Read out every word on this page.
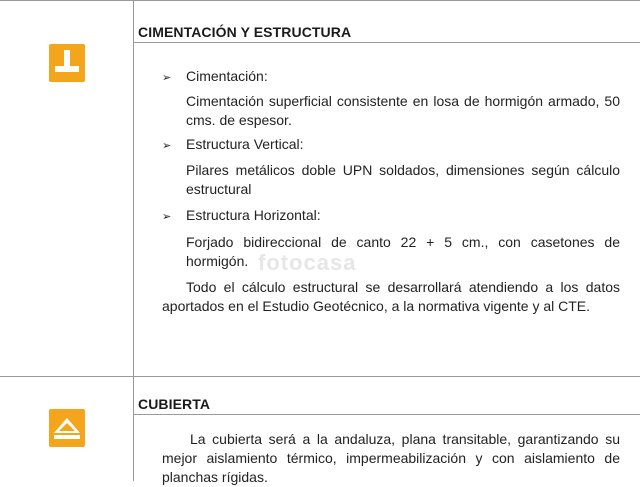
CIMENTACIÓN Y ESTRUCTURA
➢ Cimentación:
Cimentación superficial consistente en losa de hormigón armado, 50 cms. de espesor.
➢ Estructura Vertical:
Pilares metálicos doble UPN soldados, dimensiones según cálculo estructural
➢ Estructura Horizontal:
Forjado bidireccional de canto 22 + 5 cm., con casetones de hormigón. fotocasa
Todo el cálculo estructural se desarrollará atendiendo a los datos aportados en el Estudio Geotécnico, a la normativa vigente y al CTE.
CUBIERTA
La cubierta será a la andaluza, plana transitable, garantizando su mejor aislamiento térmico, impermeabilización y con aislamiento de planchas rígidas.
